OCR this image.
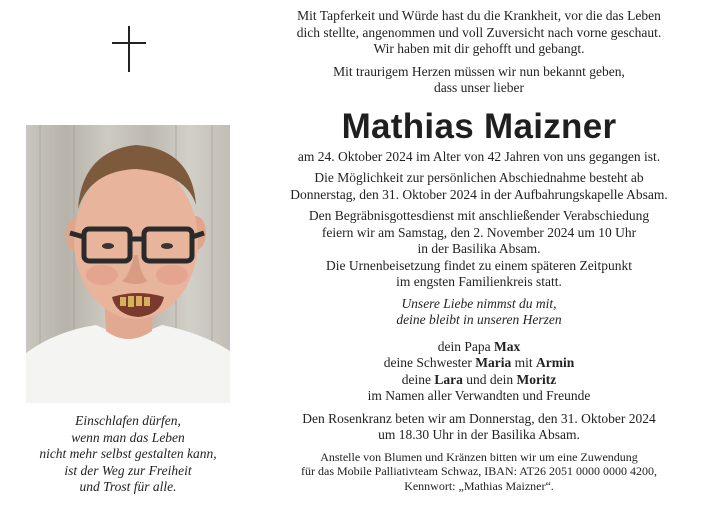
Einschlafen dürfen,
wenn man das Leben
nicht mehr selbst gestalten kann,
ist der Weg zur Freiheit
und Trost für alle.
Mit Tapferkeit und Würde hast du die Krankheit, vor die das Leben
dich stellte, angenommen und voll Zuversicht nach vorne geschaut.
Wir haben mit dir gehofft und gebangt.
Mit traurigem Herzen müssen wir nun bekannt geben,
dass unser lieber
Mathias Maizner
am 24. Oktober 2024 im Alter von 42 Jahren von uns gegangen ist.
Die Möglichkeit zur persönlichen Abschiednahme besteht ab
Donnerstag, den 31. Oktober 2024 in der Aufbahrungskapelle Absam.
Den Begräbnisgottesdienst mit anschließender Verabschiedung
feiern wir am Samstag, den 2. November 2024 um 10 Uhr
in der Basilika Absam.
Die Urnenbeisetzung findet zu einem späteren Zeitpunkt
im engsten Familienkreis statt.
Unsere Liebe nimmst du mit,
deine bleibt in unseren Herzen
dein Papa Max
deine Schwester Maria mit Armin
deine Lara und dein Moritz
im Namen aller Verwandten und Freunde
Den Rosenkranz beten wir am Donnerstag, den 31. Oktober 2024
um 18.30 Uhr in der Basilika Absam.
Anstelle von Blumen und Kränzen bitten wir um eine Zuwendung
für das Mobile Palliativteam Schwaz, IBAN: AT26 2051 0000 0000 4200,
Kennwort: „Mathias Maizner“.
